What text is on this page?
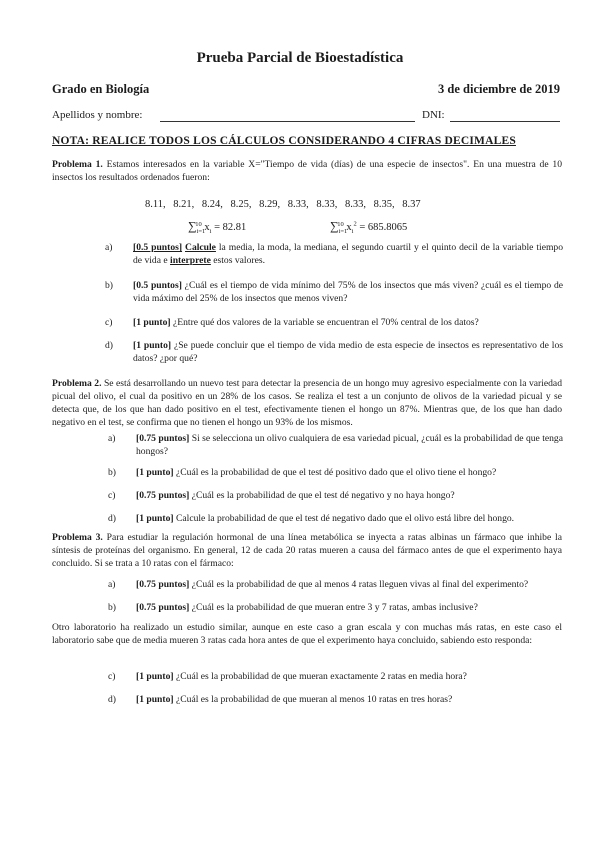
Prueba Parcial de Bioestadística
Grado en Biología	3 de diciembre de 2019
Apellidos y nombre:	DNI:
NOTA: REALICE TODOS LOS CÁLCULOS CONSIDERANDO 4 CIFRAS DECIMALES
Problema 1. Estamos interesados en la variable X="Tiempo de vida (días) de una especie de insectos". En una muestra de 10 insectos los resultados ordenados fueron:
8.11, 8.21, 8.24, 8.25, 8.29, 8.33, 8.33, 8.33, 8.35, 8.37
$\sum_{i=1}^{10}$ $x_i = 82.81$	$\sum_{i=1}^{10}$ $x_i^2 = 685.8065$
a) [0.5 puntos] Calcule la media, la moda, la mediana, el segundo cuartil y el quinto decil de la variable tiempo de vida e interprete estos valores.
b) [0.5 puntos] ¿Cuál es el tiempo de vida mínimo del 75% de los insectos que más viven? ¿cuál es el tiempo de vida máximo del 25% de los insectos que menos viven?
c) [1 punto] ¿Entre qué dos valores de la variable se encuentran el 70% central de los datos?
d) [1 punto] ¿Se puede concluir que el tiempo de vida medio de esta especie de insectos es representativo de los datos? ¿por qué?
Problema 2. Se está desarrollando un nuevo test para detectar la presencia de un hongo muy agresivo especialmente con la variedad picual del olivo, el cual da positivo en un 28% de los casos. Se realiza el test a un conjunto de olivos de la variedad picual y se detecta que, de los que han dado positivo en el test, efectivamente tienen el hongo un 87%. Mientras que, de los que han dado negativo en el test, se confirma que no tienen el hongo un 93% de los mismos.
a) [0.75 puntos] Si se selecciona un olivo cualquiera de esa variedad picual, ¿cuál es la probabilidad de que tenga hongos?
b) [1 punto] ¿Cuál es la probabilidad de que el test dé positivo dado que el olivo tiene el hongo?
c) [0.75 puntos] ¿Cuál es la probabilidad de que el test dé negativo y no haya hongo?
d) [1 punto] Calcule la probabilidad de que el test dé negativo dado que el olivo está libre del hongo.
Problema 3. Para estudiar la regulación hormonal de una línea metabólica se inyecta a ratas albinas un fármaco que inhibe la síntesis de proteínas del organismo. En general, 12 de cada 20 ratas mueren a causa del fármaco antes de que el experimento haya concluido. Si se trata a 10 ratas con el fármaco:
a) [0.75 puntos] ¿Cuál es la probabilidad de que al menos 4 ratas lleguen vivas al final del experimento?
b) [0.75 puntos] ¿Cuál es la probabilidad de que mueran entre 3 y 7 ratas, ambas inclusive?
Otro laboratorio ha realizado un estudio similar, aunque en este caso a gran escala y con muchas más ratas, en este caso el laboratorio sabe que de media mueren 3 ratas cada hora antes de que el experimento haya concluido, sabiendo esto responda:
c) [1 punto] ¿Cuál es la probabilidad de que mueran exactamente 2 ratas en media hora?
d) [1 punto] ¿Cuál es la probabilidad de que mueran al menos 10 ratas en tres horas?
